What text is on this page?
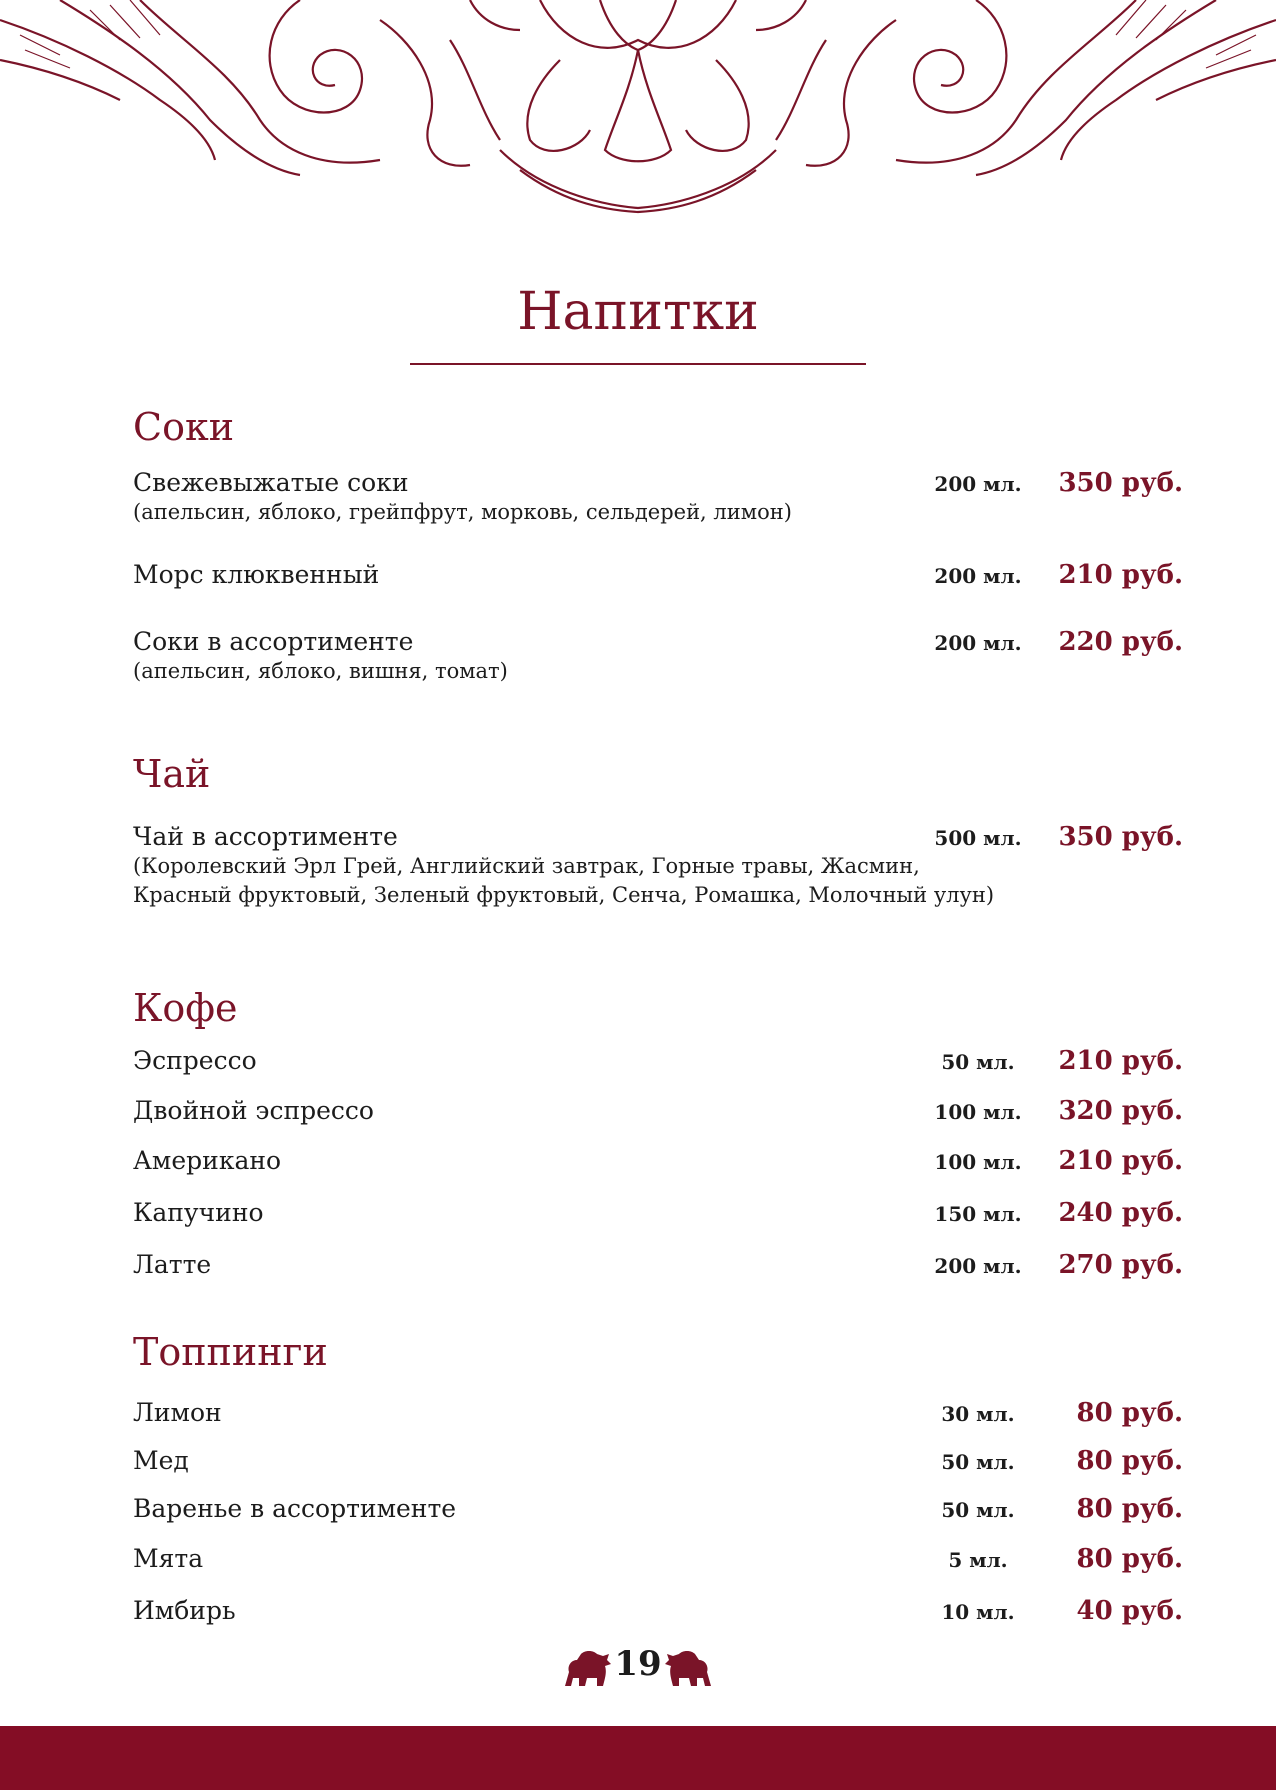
Напитки
Соки
Свежевыжатые соки
(апельсин, яблоко, грейпфрут, морковь, сельдерей, лимон)
200 мл.	350 руб.
Морс клюквенный	200 мл.	210 руб.
Соки в ассортименте
(апельсин, яблоко, вишня, томат)
200 мл.	220 руб.
Чай
Чай в ассортименте
(Королевский Эрл Грей, Английский завтрак, Горные травы, Жасмин,
Красный фруктовый, Зеленый фруктовый, Сенча, Ромашка, Молочный улун)
500 мл.	350 руб.
Кофе
Эспрессо	50 мл.	210 руб.
Двойной эспрессо	100 мл.	320 руб.
Американо	100 мл.	210 руб.
Капучино	150 мл.	240 руб.
Латте	200 мл.	270 руб.
Топпинги
Лимон	30 мл.	80 руб.
Мед	50 мл.	80 руб.
Варенье в ассортименте	50 мл.	80 руб.
Мята	5 мл.	80 руб.
Имбирь	10 мл.	40 руб.
19
